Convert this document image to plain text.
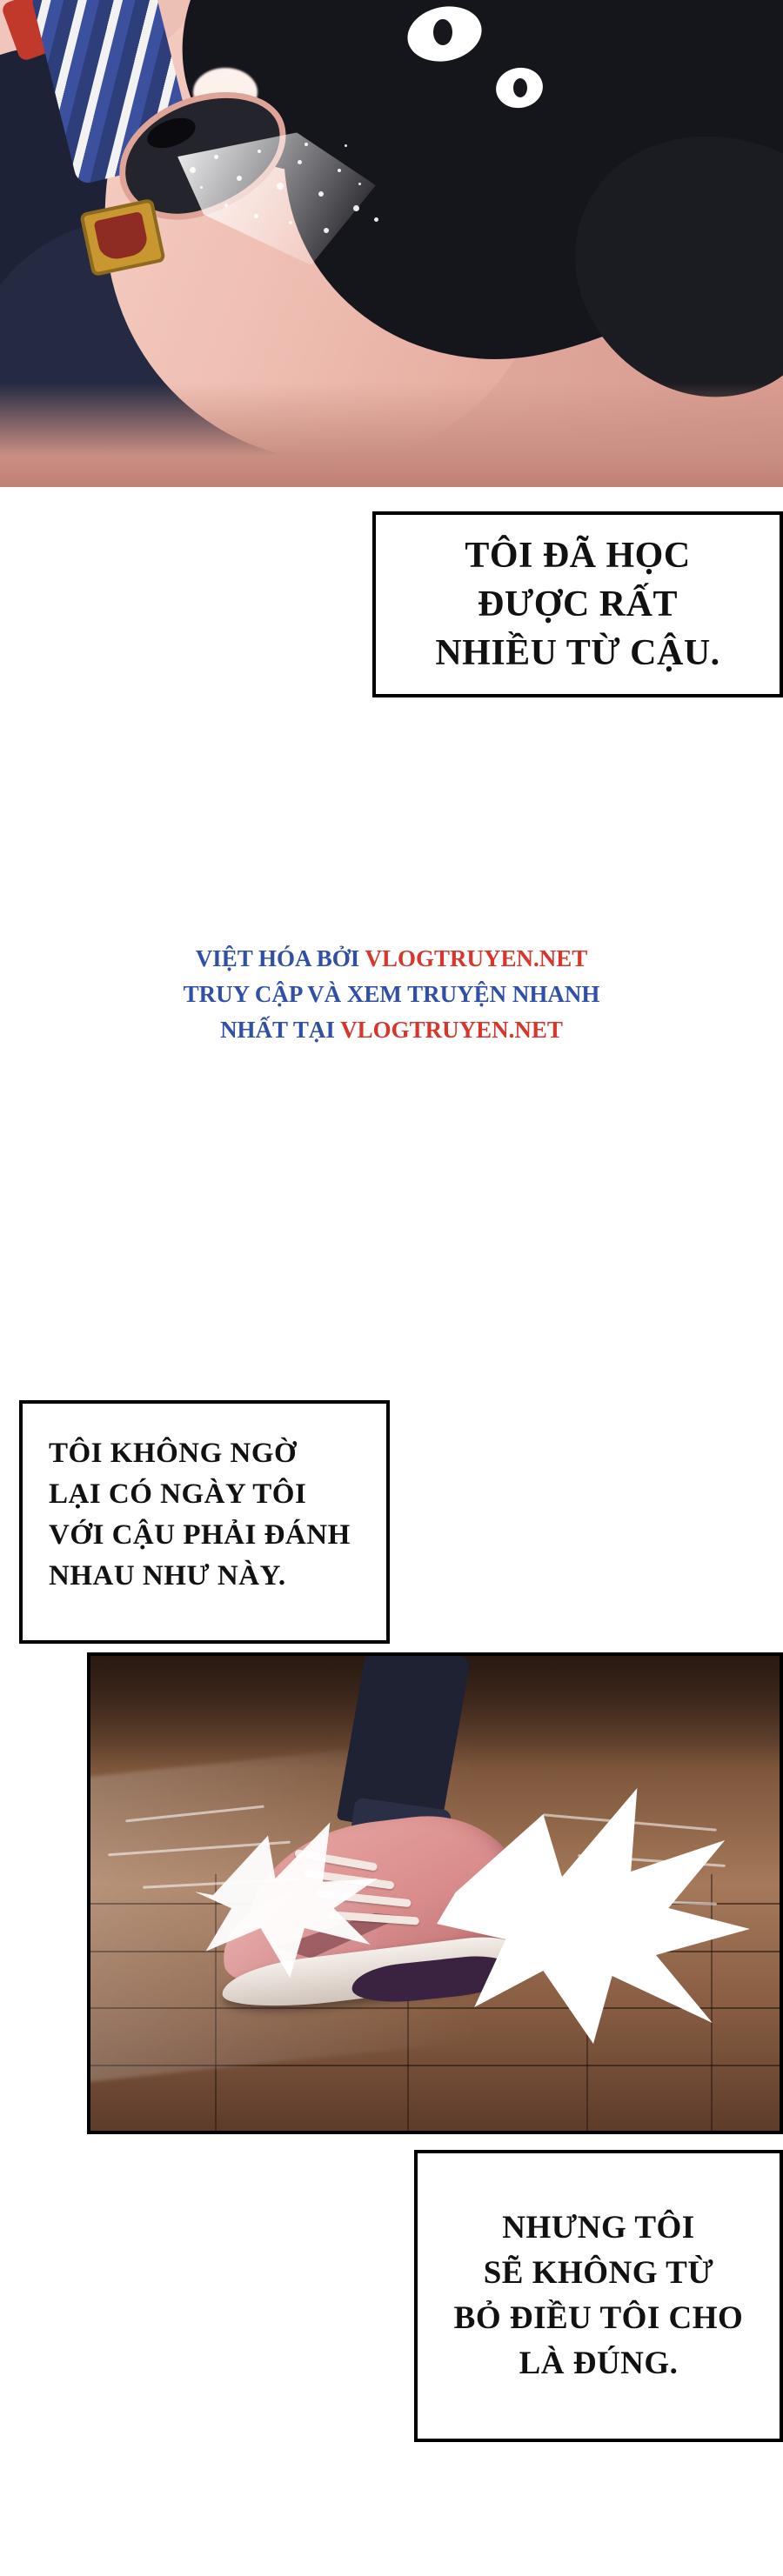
TÔI ĐÃ HỌC
ĐƯỢC RẤT
NHIỀU TỪ CẬU.
VIỆT HÓA BỞI VLOGTRUYEN.NET
TRUY CẬP VÀ XEM TRUYỆN NHANH
NHẤT TẠI VLOGTRUYEN.NET
TÔI KHÔNG NGỜ
LẠI CÓ NGÀY TÔI
VỚI CẬU PHẢI ĐÁNH
NHAU NHƯ NÀY.
NHƯNG TÔI
SẼ KHÔNG TỪ
BỎ ĐIỀU TÔI CHO
LÀ ĐÚNG.
